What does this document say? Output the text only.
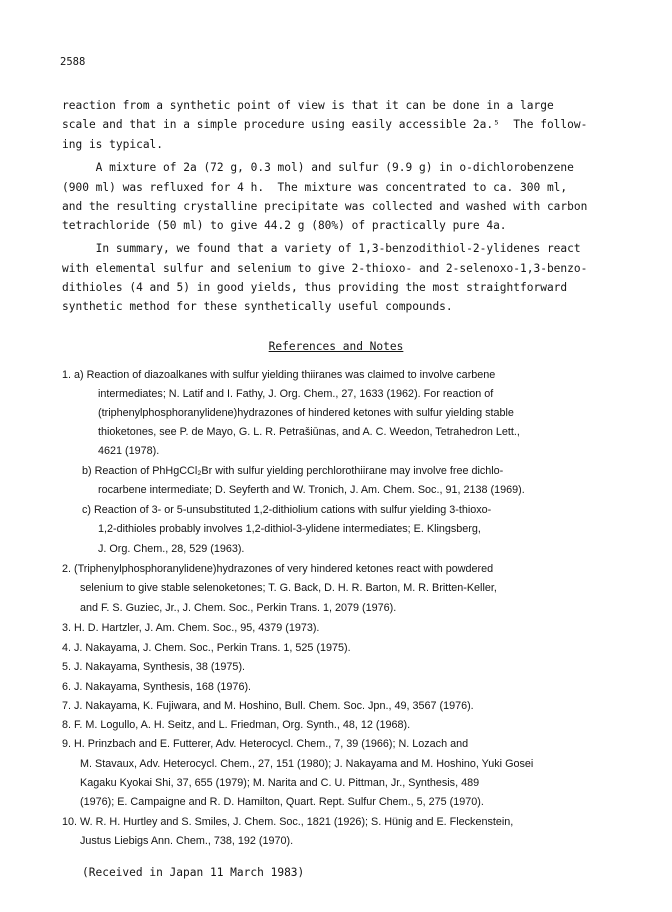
2588
reaction from a synthetic point of view is that it can be done in a large
scale and that in a simple procedure using easily accessible 2a.⁵  The follow-
ing is typical.
A mixture of 2a (72 g, 0.3 mol) and sulfur (9.9 g) in o-dichlorobenzene
(900 ml) was refluxed for 4 h.  The mixture was concentrated to ca. 300 ml,
and the resulting crystalline precipitate was collected and washed with carbon
tetrachloride (50 ml) to give 44.2 g (80%) of practically pure 4a.
In summary, we found that a variety of 1,3-benzodithiol-2-ylidenes react
with elemental sulfur and selenium to give 2-thioxo- and 2-selenoxo-1,3-benzo-
dithioles (4 and 5) in good yields, thus providing the most straightforward
synthetic method for these synthetically useful compounds.
References and Notes
1. a) Reaction of diazoalkanes with sulfur yielding thiiranes was claimed to involve carbene
intermediates; N. Latif and I. Fathy, J. Org. Chem., 27, 1633 (1962). For reaction of
(triphenylphosphoranylidene)hydrazones of hindered ketones with sulfur yielding stable
thioketones, see P. de Mayo, G. L. R. Petrašiūnas, and A. C. Weedon, Tetrahedron Lett.,
4621 (1978).
b) Reaction of PhHgCCl₂Br with sulfur yielding perchlorothiirane may involve free dichlo-
rocarbene intermediate; D. Seyferth and W. Tronich, J. Am. Chem. Soc., 91, 2138 (1969).
c) Reaction of 3- or 5-unsubstituted 1,2-dithiolium cations with sulfur yielding 3-thioxo-
1,2-dithioles probably involves 1,2-dithiol-3-ylidene intermediates; E. Klingsberg,
J. Org. Chem., 28, 529 (1963).
2. (Triphenylphosphoranylidene)hydrazones of very hindered ketones react with powdered
selenium to give stable selenoketones; T. G. Back, D. H. R. Barton, M. R. Britten-Keller,
and F. S. Guziec, Jr., J. Chem. Soc., Perkin Trans. 1, 2079 (1976).
3. H. D. Hartzler, J. Am. Chem. Soc., 95, 4379 (1973).
4. J. Nakayama, J. Chem. Soc., Perkin Trans. 1, 525 (1975).
5. J. Nakayama, Synthesis, 38 (1975).
6. J. Nakayama, Synthesis, 168 (1976).
7. J. Nakayama, K. Fujiwara, and M. Hoshino, Bull. Chem. Soc. Jpn., 49, 3567 (1976).
8. F. M. Logullo, A. H. Seitz, and L. Friedman, Org. Synth., 48, 12 (1968).
9. H. Prinzbach and E. Futterer, Adv. Heterocycl. Chem., 7, 39 (1966); N. Lozach and
M. Stavaux, Adv. Heterocycl. Chem., 27, 151 (1980); J. Nakayama and M. Hoshino, Yuki Gosei
Kagaku Kyokai Shi, 37, 655 (1979); M. Narita and C. U. Pittman, Jr., Synthesis, 489
(1976); E. Campaigne and R. D. Hamilton, Quart. Rept. Sulfur Chem., 5, 275 (1970).
10. W. R. H. Hurtley and S. Smiles, J. Chem. Soc., 1821 (1926); S. Hünig and E. Fleckenstein,
Justus Liebigs Ann. Chem., 738, 192 (1970).
(Received in Japan 11 March 1983)
